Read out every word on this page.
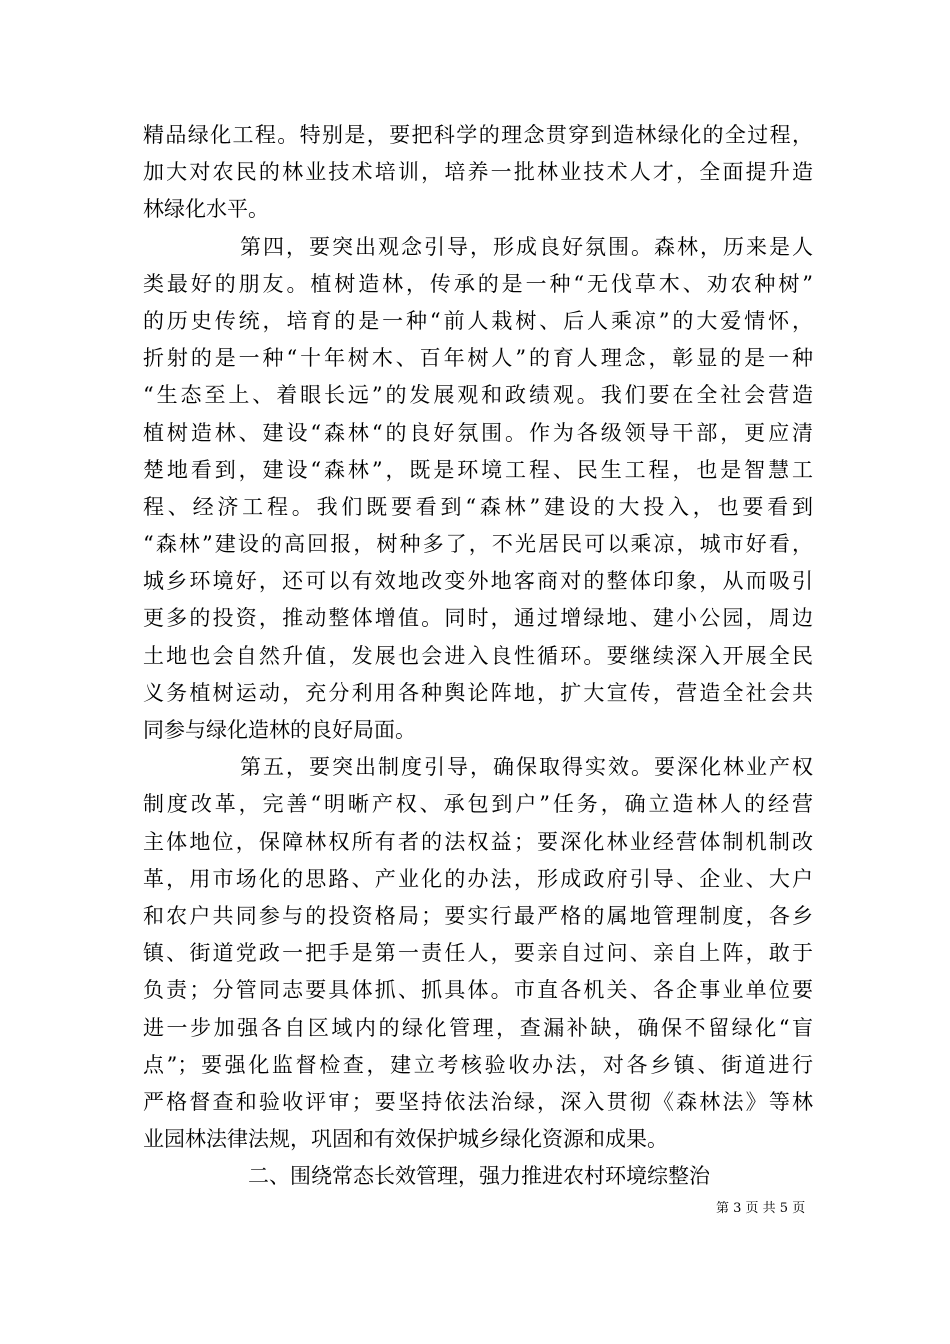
精品绿化工程。特别是，要把科学的理念贯穿到造林绿化的全过程，
加大对农民的林业技术培训，培养一批林业技术人才，全面提升造
林绿化水平。
第四，要突出观念引导，形成良好氛围。森林，历来是人
类最好的朋友。植树造林，传承的是一种“无伐草木、劝农种树”
的历史传统，培育的是一种“前人栽树、后人乘凉”的大爱情怀，
折射的是一种“十年树木、百年树人”的育人理念，彰显的是一种
“生态至上、着眼长远”的发展观和政绩观。我们要在全社会营造
植树造林、建设“森林“的良好氛围。作为各级领导干部，更应清
楚地看到，建设“森林”，既是环境工程、民生工程，也是智慧工
程、经济工程。我们既要看到“森林”建设的大投入，也要看到
“森林”建设的高回报，树种多了，不光居民可以乘凉，城市好看，
城乡环境好，还可以有效地改变外地客商对的整体印象，从而吸引
更多的投资，推动整体增值。同时，通过增绿地、建小公园，周边
土地也会自然升值，发展也会进入良性循环。要继续深入开展全民
义务植树运动，充分利用各种舆论阵地，扩大宣传，营造全社会共
同参与绿化造林的良好局面。
第五，要突出制度引导，确保取得实效。要深化林业产权
制度改革，完善“明晰产权、承包到户”任务，确立造林人的经营
主体地位，保障林权所有者的法权益；要深化林业经营体制机制改
革，用市场化的思路、产业化的办法，形成政府引导、企业、大户
和农户共同参与的投资格局；要实行最严格的属地管理制度，各乡
镇、街道党政一把手是第一责任人，要亲自过问、亲自上阵，敢于
负责；分管同志要具体抓、抓具体。市直各机关、各企事业单位要
进一步加强各自区域内的绿化管理，查漏补缺，确保不留绿化“盲
点”；要强化监督检查，建立考核验收办法，对各乡镇、街道进行
严格督查和验收评审；要坚持依法治绿，深入贯彻《森林法》等林
业园林法律法规，巩固和有效保护城乡绿化资源和成果。
二、围绕常态长效管理，强力推进农村环境综整治
第 3 页 共 5 页
